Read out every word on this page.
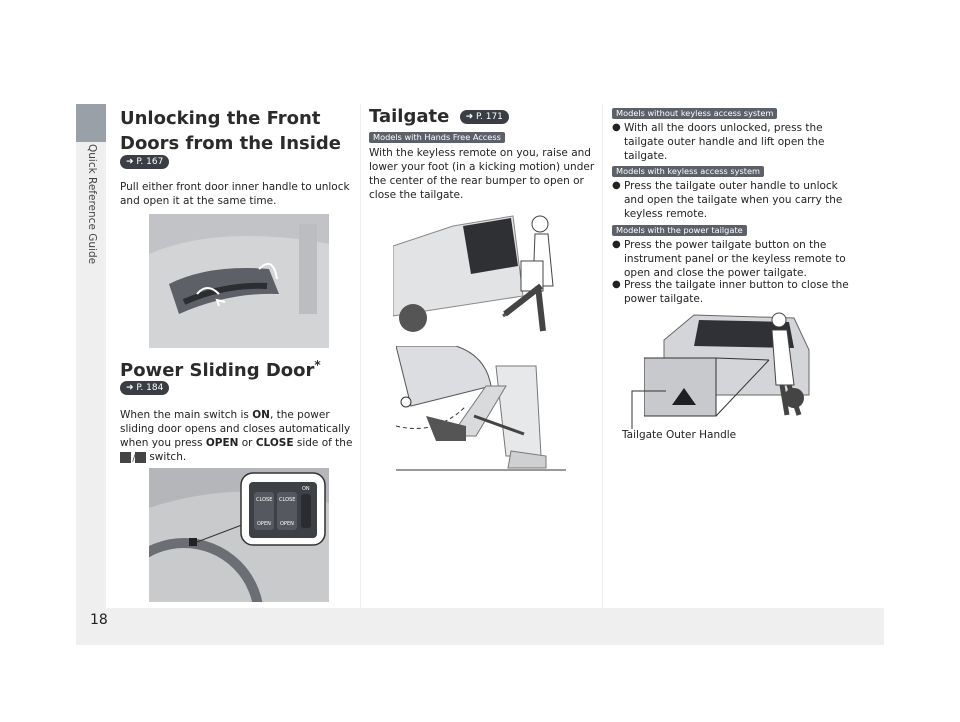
Quick Reference Guide
18
Unlocking the Front Doors from the Inside
➜ P. 167

Pull either front door inner handle to unlock and open it at the same time.

Power Sliding Door*
➜ P. 184

When the main switch is ON, the power sliding door opens and closes automatically when you press OPEN or CLOSE side of the

/ switch.

CLOSE
OPEN
CLOSE
OPEN
ON
Tailgate ➜ P. 171
Models with Hands Free Access

With the keyless remote on you, raise and lower your foot (in a kicking motion) under the center of the rear bumper to open or close the tailgate.

Models without keyless access system
● With all the doors unlocked, press the tailgate outer handle and lift open the tailgate.
Models with keyless access system
● Press the tailgate outer handle to unlock and open the tailgate when you carry the keyless remote.
Models with the power tailgate
● Press the power tailgate button on the instrument panel or the keyless remote to open and close the power tailgate.
● Press the tailgate inner button to close the power tailgate.
Tailgate Outer Handle
